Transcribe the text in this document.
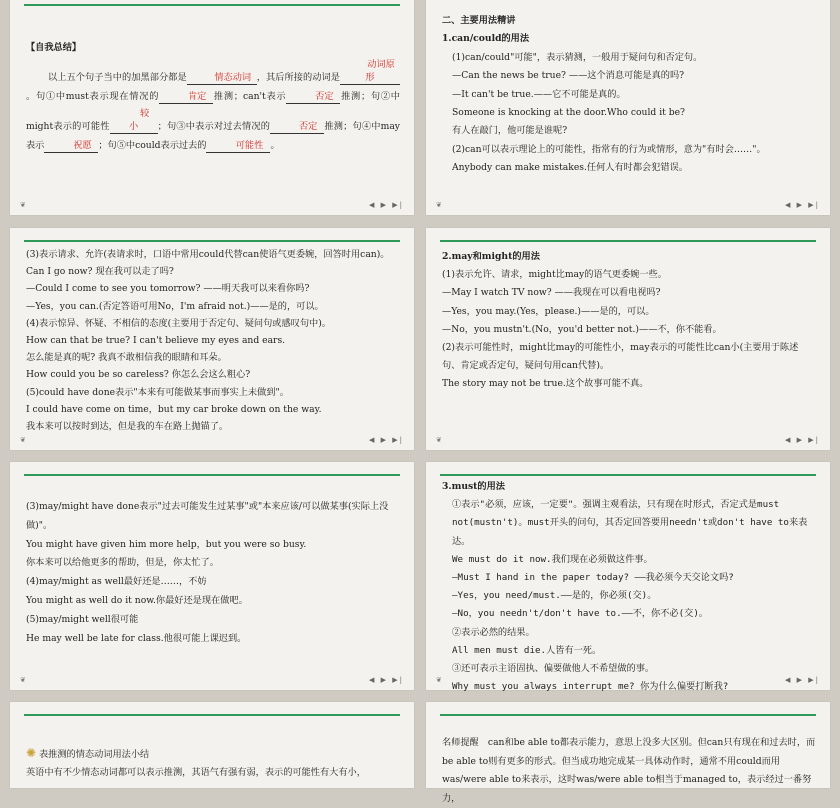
【自我总结】
以上五个句子当中的加黑部分都是	情态动词 ，其后所接的动词是动词原形。句①中must表示现在情况的	肯定 推测；can't表示	否定 推测；句②中might表示的可能性较小 ；句③中表示对过去情况的	否定 推测；句④中may表示	祝愿 ；句⑤中could表示过去的	可能性 。
❦	◀ ▶ ▶|
二、主要用法精讲
1.can/could的用法
(1)can/could"可能"，表示猜测，一般用于疑问句和否定句。
—Can the news be true? ——这个消息可能是真的吗?
—It can't be true.——它不可能是真的。
Someone is knocking at the door.Who could it be?
有人在敲门，他可能是谁呢?
(2)can可以表示理论上的可能性，指常有的行为或情形，意为"有时会……"。
Anybody can make mistakes.任何人有时都会犯错误。
❦	◀ ▶ ▶|
(3)表示请求、允许(表请求时，口语中常用could代替can使语气更委婉，回答时用can)。
Can I go now? 现在我可以走了吗?
—Could I come to see you tomorrow? ——明天我可以来看你吗?
—Yes，you can.(否定答语可用No，I'm afraid not.)——是的，可以。
(4)表示惊异、怀疑、不相信的态度(主要用于否定句、疑问句或感叹句中)。
How can that be true? I can't believe my eyes and ears.
怎么能是真的呢? 我真不敢相信我的眼睛和耳朵。
How could you be so careless? 你怎么会这么粗心?
(5)could have done表示"本来有可能做某事而事实上未做到"。
I could have come on time，but my car broke down on the way.
我本来可以按时到达，但是我的车在路上抛锚了。
❦	◀ ▶ ▶|
2.may和might的用法
(1)表示允许、请求，might比may的语气更委婉一些。
—May I watch TV now? ——我现在可以看电视吗?
—Yes，you may.(Yes，please.)——是的，可以。
—No，you mustn't.(No，you'd better not.)——不，你不能看。
(2)表示可能性时，might比may的可能性小，may表示的可能性比can小(主要用于陈述句、肯定或否定句，疑问句用can代替)。
The story may not be true.这个故事可能不真。
❦	◀ ▶ ▶|
(3)may/might have done表示"过去可能发生过某事"或"本来应该/可以做某事(实际上没做)"。
You might have given him more help，but you were so busy.
你本来可以给他更多的帮助，但是，你太忙了。
(4)may/might as well最好还是……，不妨
You might as well do it now.你最好还是现在做吧。
(5)may/might well很可能
He may well be late for class.他很可能上课迟到。
❦	◀ ▶ ▶|
3.must的用法
①表示"必须，应该，一定要"。强调主观看法，只有现在时形式，否定式是must not(mustn't)。must开头的问句，其否定回答要用needn't或don't have to来表达。
We must do it now.我们现在必须做这件事。
—Must I hand in the paper today? ——我必须今天交论文吗?
—Yes，you need/must.——是的，你必须(交)。
—No，you needn't/don't have to.——不，你不必(交)。
②表示必然的结果。
All men must die.人皆有一死。
③还可表示主语固执、偏要做他人不希望做的事。
Why must you always interrupt me? 你为什么偏要打断我?
❦	◀ ▶ ▶|
✺ 表推测的情态动词用法小结
英语中有不少情态动词都可以表示推测，其语气有强有弱，表示的可能性有大有小，
名师提醒　can和be able to都表示能力，意思上没多大区别。但can只有现在和过去时，而be able to则有更多的形式。但当成功地完成某一具体动作时，通常不用could而用was/were able to来表示，这时was/were able to相当于managed to，表示经过一番努力，
